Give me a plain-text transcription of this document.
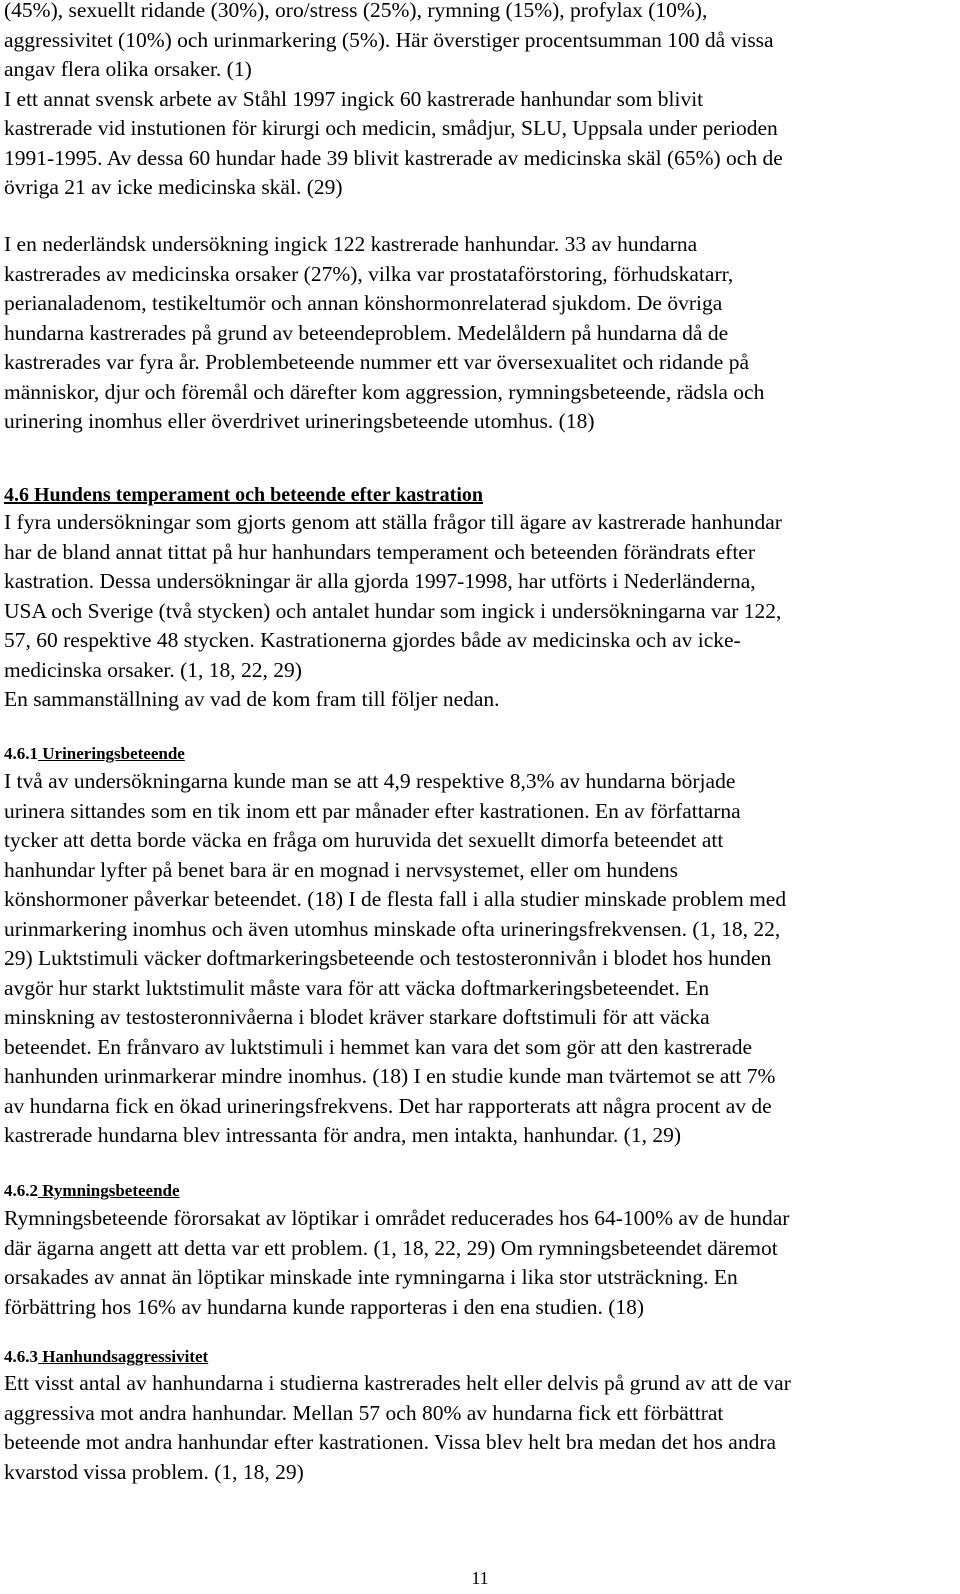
(45%), sexuellt ridande (30%), oro/stress (25%), rymning (15%), profylax (10%),
aggressivitet (10%) och urinmarkering (5%). Här överstiger procentsumman 100 då vissa
angav flera olika orsaker. (1)
I ett annat svensk arbete av Ståhl 1997 ingick 60 kastrerade hanhundar som blivit
kastrerade vid instutionen för kirurgi och medicin, smådjur, SLU, Uppsala under perioden
1991-1995. Av dessa 60 hundar hade 39 blivit kastrerade av medicinska skäl (65%) och de
övriga 21 av icke medicinska skäl. (29)

I en nederländsk undersökning ingick 122 kastrerade hanhundar. 33 av hundarna
kastrerades av medicinska orsaker (27%), vilka var prostataförstoring, förhudskatarr,
perianaladenom, testikeltumör och annan könshormonrelaterad sjukdom. De övriga
hundarna kastrerades på grund av beteendeproblem. Medelåldern på hundarna då de
kastrerades var fyra år. Problembeteende nummer ett var översexualitet och ridande på
människor, djur och föremål och därefter kom aggression, rymningsbeteende, rädsla och
urinering inomhus eller överdrivet urineringsbeteende utomhus. (18)

4.6 Hundens temperament och beteende efter kastration

I fyra undersökningar som gjorts genom att ställa frågor till ägare av kastrerade hanhundar
har de bland annat tittat på hur hanhundars temperament och beteenden förändrats efter
kastration. Dessa undersökningar är alla gjorda 1997-1998, har utförts i Nederländerna,
USA och Sverige (två stycken) och antalet hundar som ingick i undersökningarna var 122,
57, 60 respektive 48 stycken. Kastrationerna gjordes både av medicinska och av icke-
medicinska orsaker. (1, 18, 22, 29)
En sammanställning av vad de kom fram till följer nedan.

4.6.1 Urineringsbeteende

I två av undersökningarna kunde man se att 4,9 respektive 8,3% av hundarna började
urinera sittandes som en tik inom ett par månader efter kastrationen. En av författarna
tycker att detta borde väcka en fråga om huruvida det sexuellt dimorfa beteendet att
hanhundar lyfter på benet bara är en mognad i nervsystemet, eller om hundens
könshormoner påverkar beteendet. (18) I de flesta fall i alla studier minskade problem med
urinmarkering inomhus och även utomhus minskade ofta urineringsfrekvensen. (1, 18, 22,
29) Luktstimuli väcker doftmarkeringsbeteende och testosteronnivån i blodet hos hunden
avgör hur starkt luktstimulit måste vara för att väcka doftmarkeringsbeteendet. En
minskning av testosteronnivåerna i blodet kräver starkare doftstimuli för att väcka
beteendet. En frånvaro av luktstimuli i hemmet kan vara det som gör att den kastrerade
hanhunden urinmarkerar mindre inomhus. (18) I en studie kunde man tvärtemot se att 7%
av hundarna fick en ökad urineringsfrekvens. Det har rapporterats att några procent av de
kastrerade hundarna blev intressanta för andra, men intakta, hanhundar. (1, 29)

4.6.2 Rymningsbeteende

Rymningsbeteende förorsakat av löptikar i området reducerades hos 64-100% av de hundar
där ägarna angett att detta var ett problem. (1, 18, 22, 29) Om rymningsbeteendet däremot
orsakades av annat än löptikar minskade inte rymningarna i lika stor utsträckning. En
förbättring hos 16% av hundarna kunde rapporteras i den ena studien. (18)

4.6.3 Hanhundsaggressivitet

Ett visst antal av hanhundarna i studierna kastrerades helt eller delvis på grund av att de var
aggressiva mot andra hanhundar. Mellan 57 och 80% av hundarna fick ett förbättrat
beteende mot andra hanhundar efter kastrationen. Vissa blev helt bra medan det hos andra
kvarstod vissa problem. (1, 18, 29)

11
